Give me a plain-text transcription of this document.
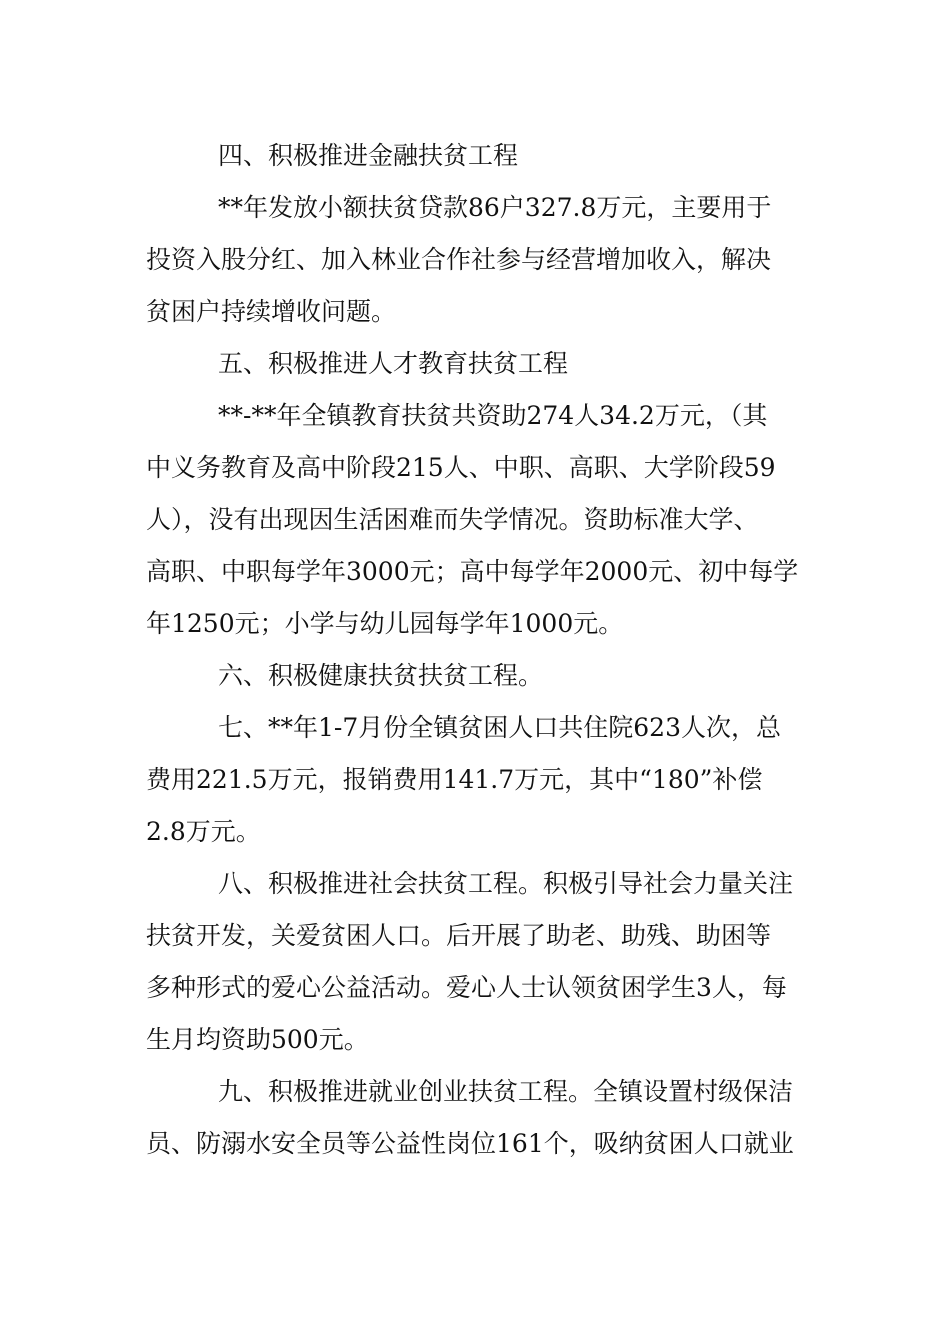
四、积极推进金融扶贫工程
**年发放小额扶贫贷款86户327.8万元，主要用于
投资入股分红、加入林业合作社参与经营增加收入，解决
贫困户持续增收问题。
五、积极推进人才教育扶贫工程
**-**年全镇教育扶贫共资助274人34.2万元，（其
中义务教育及高中阶段215人、中职、高职、大学阶段59
人），没有出现因生活困难而失学情况。资助标准大学、
高职、中职每学年3000元；高中每学年2000元、初中每学
年1250元；小学与幼儿园每学年1000元。
六、积极健康扶贫扶贫工程。
七、**年1-7月份全镇贫困人口共住院623人次，总
费用221.5万元，报销费用141.7万元，其中“180”补偿
2.8万元。
八、积极推进社会扶贫工程。积极引导社会力量关注
扶贫开发，关爱贫困人口。后开展了助老、助残、助困等
多种形式的爱心公益活动。爱心人士认领贫困学生3人，每
生月均资助500元。
九、积极推进就业创业扶贫工程。全镇设置村级保洁
员、防溺水安全员等公益性岗位161个，吸纳贫困人口就业
